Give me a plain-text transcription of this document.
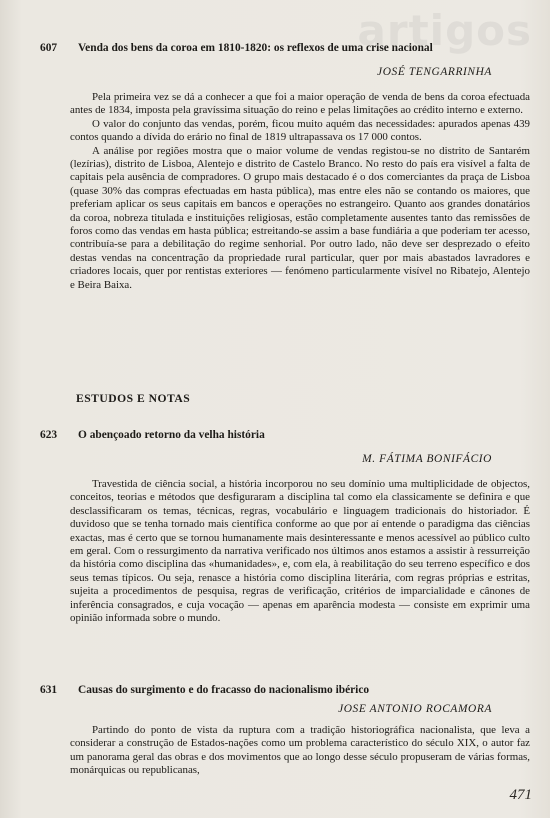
artigos
607	Venda dos bens da coroa em 1810-1820: os reflexos de uma crise nacional
JOSÉ TENGARRINHA

Pela primeira vez se dá a conhecer a que foi a maior operação de venda de bens da coroa efectuada antes de 1834, imposta pela gravíssima situação do reino e pelas limitações ao crédito interno e externo.

O valor do conjunto das vendas, porém, ficou muito aquém das necessidades: apurados apenas 439 contos quando a dívida do erário no final de 1819 ultrapassava os 17 000 contos.

A análise por regiões mostra que o maior volume de vendas registou-se no distrito de Santarém (lezírias), distrito de Lisboa, Alentejo e distrito de Castelo Branco. No resto do país era visível a falta de capitais pela ausência de compradores. O grupo mais destacado é o dos comerciantes da praça de Lisboa (quase 30% das compras efectuadas em hasta pública), mas entre eles não se contando os maiores, que preferiam aplicar os seus capitais em bancos e operações no estrangeiro. Quanto aos grandes donatários da coroa, nobreza titulada e instituições religiosas, estão completamente ausentes tanto das remissões de foros como das vendas em hasta pública; estreitando-se assim a base fundiária a que poderiam ter acesso, contribuía-se para a debilitação do regime senhorial. Por outro lado, não deve ser desprezado o efeito destas vendas na concentração da propriedade rural particular, quer por mais abastados lavradores e criadores locais, quer por rentistas exteriores — fenómeno particularmente visível no Ribatejo, Alentejo e Beira Baixa.

ESTUDOS E NOTAS
623	O abençoado retorno da velha história
M. FÁTIMA BONIFÁCIO

Travestida de ciência social, a história incorporou no seu domínio uma multiplicidade de objectos, conceitos, teorias e métodos que desfiguraram a disciplina tal como ela classicamente se definira e que desclassificaram os temas, técnicas, regras, vocabulário e linguagem tradicionais do historiador. É duvidoso que se tenha tornado mais científica conforme ao que por aí entende o paradigma das ciências exactas, mas é certo que se tornou humanamente mais desinteressante e menos acessível ao público culto em geral. Com o ressurgimento da narrativa verificado nos últimos anos estamos a assistir à ressurreição da história como disciplina das «humanidades», e, com ela, à reabilitação do seu terreno específico e dos seus temas típicos. Ou seja, renasce a história como disciplina literária, com regras próprias e estritas, sujeita a procedimentos de pesquisa, regras de verificação, critérios de imparcialidade e cânones de inferência consagrados, e cuja vocação — apenas em aparência modesta — consiste em exprimir uma opinião informada sobre o mundo.

631	Causas do surgimento e do fracasso do nacionalismo ibérico
JOSE ANTONIO ROCAMORA

Partindo do ponto de vista da ruptura com a tradição historiográfica nacionalista, que leva a considerar a construção de Estados-nações como um problema característico do século XIX, o autor faz um panorama geral das obras e dos movimentos que ao longo desse século propuseram de várias formas, monárquicas ou republicanas,

471
